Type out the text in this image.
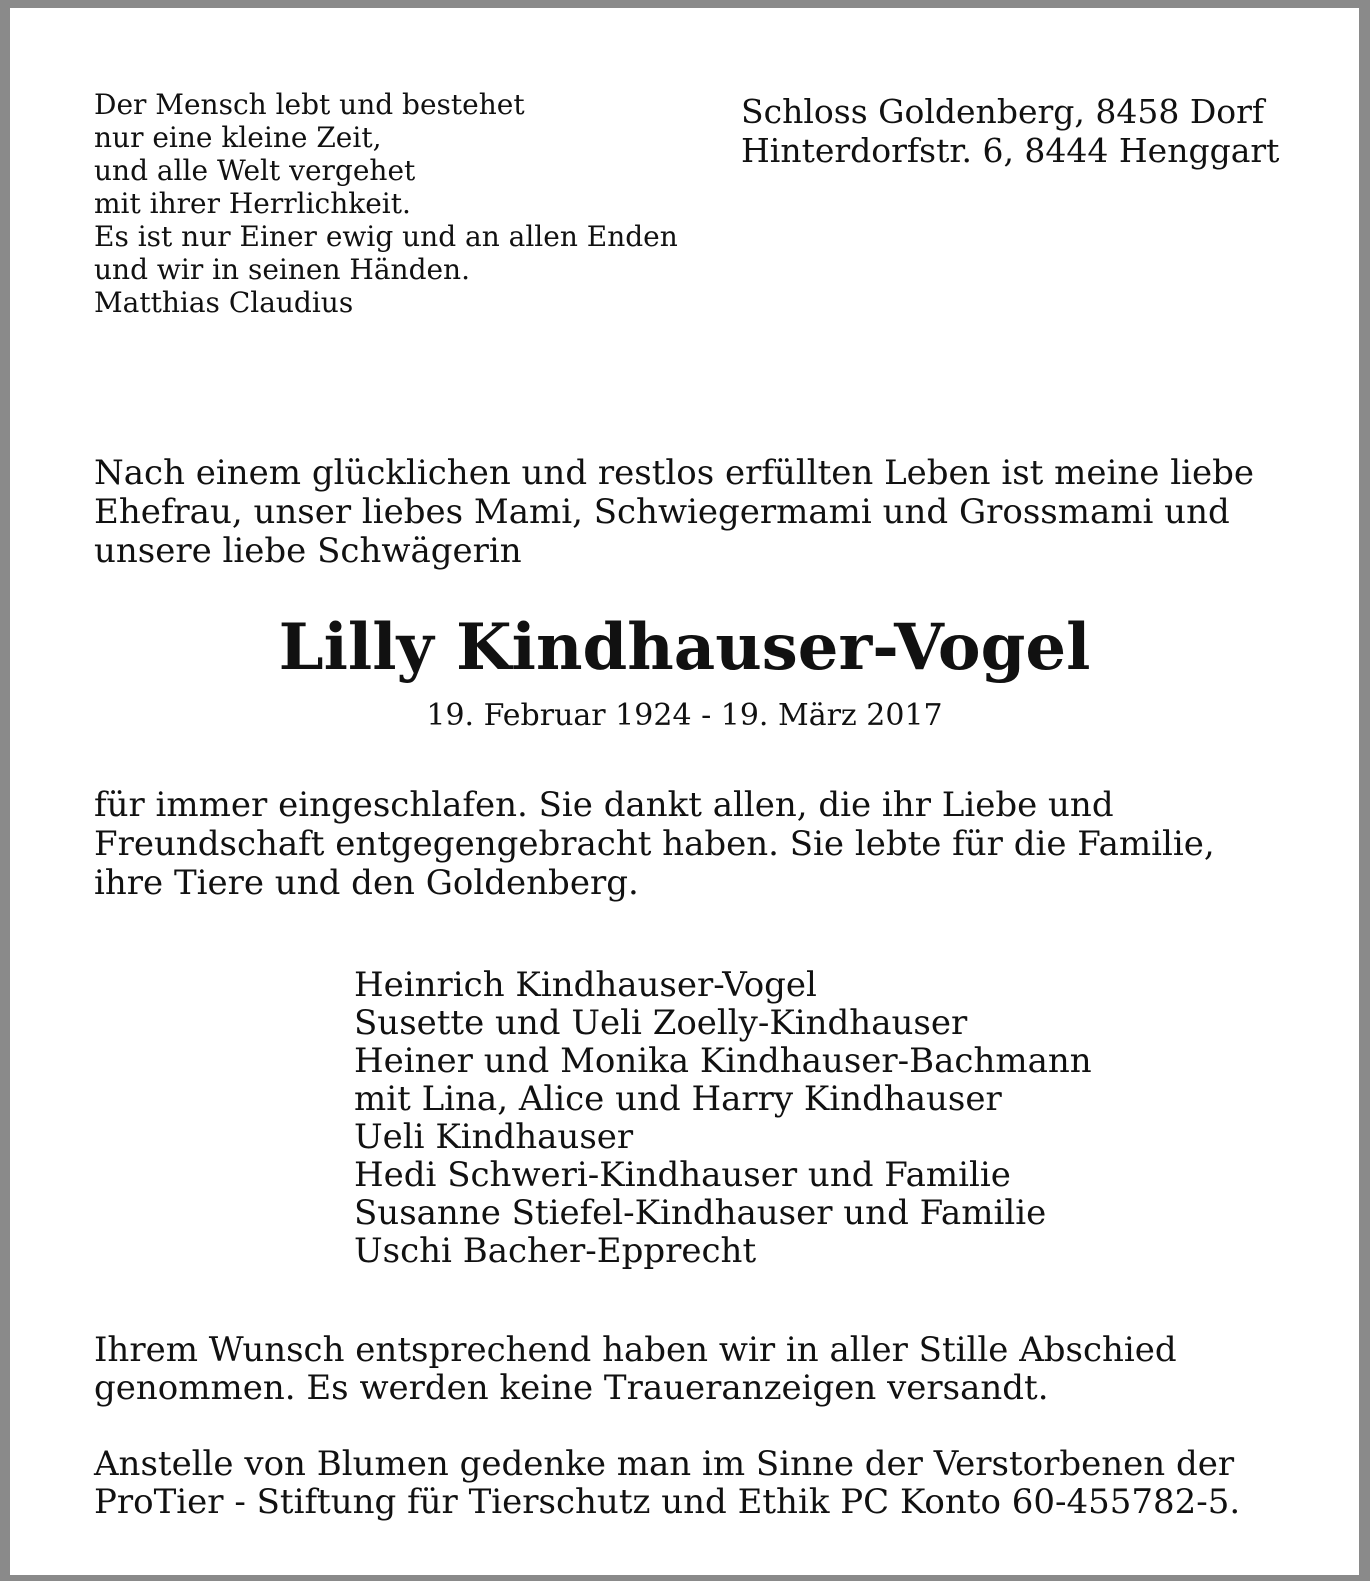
Der Mensch lebt und bestehet
nur eine kleine Zeit,
und alle Welt vergehet
mit ihrer Herrlichkeit.
Es ist nur Einer ewig und an allen Enden
und wir in seinen Händen.
Matthias Claudius
Schloss Goldenberg, 8458 Dorf
Hinterdorfstr. 6, 8444 Henggart
Nach einem glücklichen und restlos erfüllten Leben ist meine liebe
Ehefrau, unser liebes Mami, Schwiegermami und Grossmami und
unsere liebe Schwägerin
Lilly Kindhauser-Vogel
19. Februar 1924 - 19. März 2017
für immer eingeschlafen. Sie dankt allen, die ihr Liebe und
Freundschaft entgegengebracht haben. Sie lebte für die Familie,
ihre Tiere und den Goldenberg.
Heinrich Kindhauser-Vogel
Susette und Ueli Zoelly-Kindhauser
Heiner und Monika Kindhauser-Bachmann
mit Lina, Alice und Harry Kindhauser
Ueli Kindhauser
Hedi Schweri-Kindhauser und Familie
Susanne Stiefel-Kindhauser und Familie
Uschi Bacher-Epprecht
Ihrem Wunsch entsprechend haben wir in aller Stille Abschied
genommen. Es werden keine Traueranzeigen versandt.
Anstelle von Blumen gedenke man im Sinne der Verstorbenen der
ProTier - Stiftung für Tierschutz und Ethik PC Konto 60-455782-5.
